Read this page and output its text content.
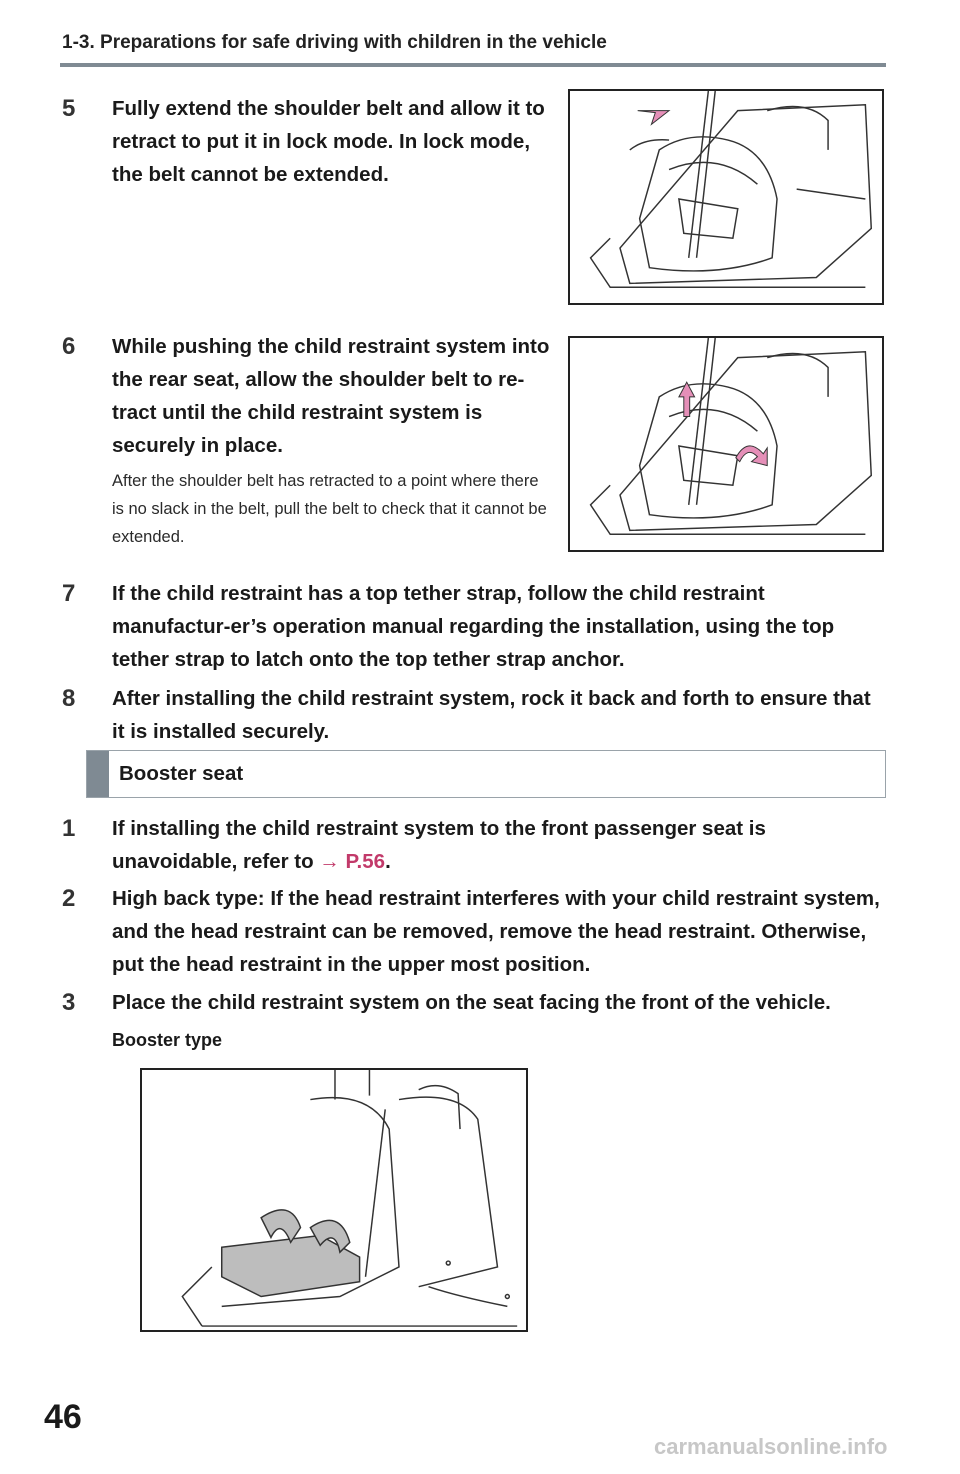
1-3. Preparations for safe driving with children in the vehicle
5 Fully extend the shoulder belt and allow it to retract to put it in lock mode. In lock mode, the belt cannot be extended.
6 While pushing the child restraint system into the rear seat, allow the shoulder belt to re-tract until the child restraint system is securely in place.
After the shoulder belt has retracted to a point where there is no slack in the belt, pull the belt to check that it cannot be extended.
7 If the child restraint has a top tether strap, follow the child restraint manufactur-er’s operation manual regarding the installation, using the top tether strap to latch onto the top tether strap anchor.
8 After installing the child restraint system, rock it back and forth to ensure that it is installed securely.
Booster seat
1 If installing the child restraint system to the front passenger seat is unavoidable, refer to → P.56.
2 High back type: If the head restraint interferes with your child restraint system, and the head restraint can be removed, remove the head restraint. Otherwise, put the head restraint in the upper most position.
3 Place the child restraint system on the seat facing the front of the vehicle.
Booster type
46
carmanualsonline.info
